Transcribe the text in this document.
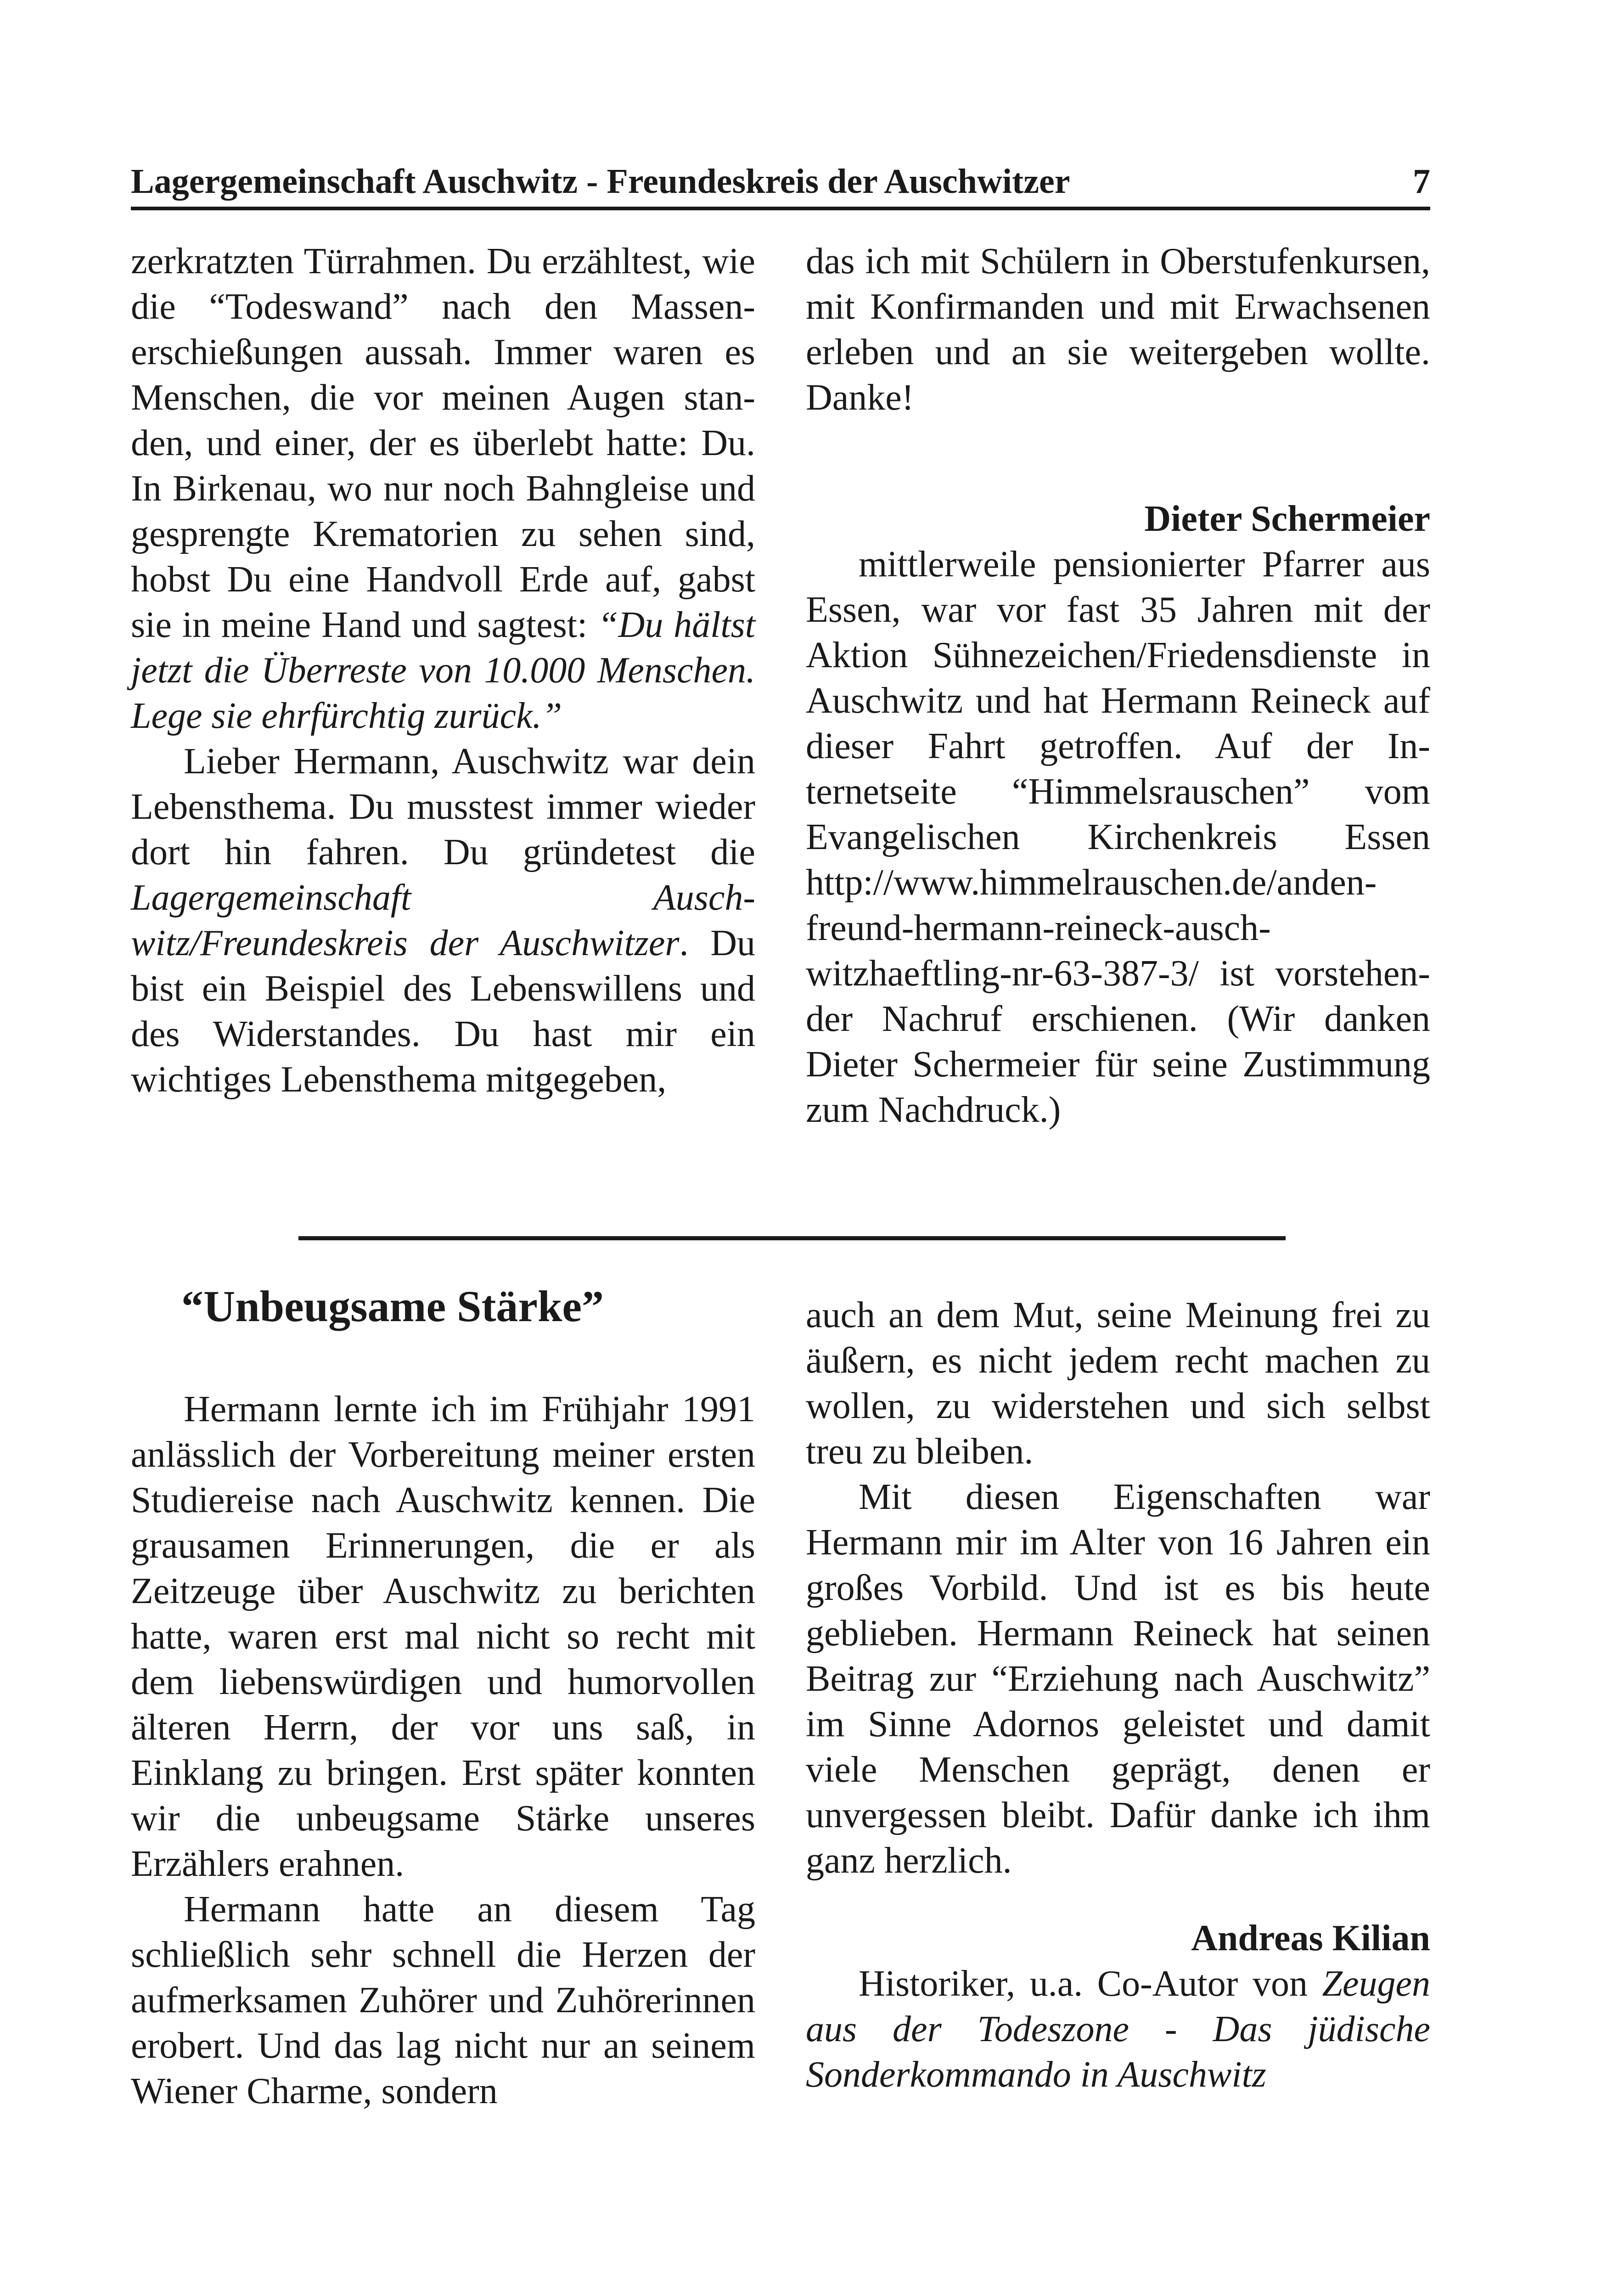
Lagergemeinschaft Auschwitz - Freundeskreis der Auschwitzer	7

zerkratzten Türrahmen. Du erzähltest, wie die “Todeswand” nach den Massenerschießungen aussah. Immer waren es Menschen, die vor meinen Augen standen, und einer, der es überlebt hatte: Du. In Birkenau, wo nur noch Bahngleise und gesprengte Krematorien zu sehen sind, hobst Du eine Handvoll Erde auf, gabst sie in meine Hand und sagtest: “Du hältst jetzt die Überreste von 10.000 Menschen. Lege sie ehrfürchtig zurück.”

Lieber Hermann, Auschwitz war dein Lebensthema. Du musstest immer wieder dort hin fahren. Du gründetest die Lagergemeinschaft Auschwitz/Freundeskreis der Auschwitzer. Du bist ein Beispiel des Lebenswillens und des Widerstandes. Du hast mir ein wichtiges Lebensthema mitgegeben,

das ich mit Schülern in Oberstufenkursen, mit Konfirmanden und mit Erwachsenen erleben und an sie weitergeben wollte. Danke!

Dieter Schermeier

mittlerweile pensionierter Pfarrer aus Essen, war vor fast 35 Jahren mit der Aktion Sühnezeichen/Friedensdienste in Auschwitz und hat Hermann Reineck auf dieser Fahrt getroffen. Auf der Internetseite “Himmelsrauschen” vom Evangelischen Kirchenkreis Essen http://www.himmelrauschen.de/anden-freund-hermann-reineck-auschwitzhaeftling-nr-63-387-3/ ist vorstehender Nachruf erschienen. (Wir danken Dieter Schermeier für seine Zustimmung zum Nachdruck.)

“Unbeugsame Stärke”

Hermann lernte ich im Frühjahr 1991 anlässlich der Vorbereitung meiner ersten Studiereise nach Auschwitz kennen. Die grausamen Erinnerungen, die er als Zeitzeuge über Auschwitz zu berichten hatte, waren erst mal nicht so recht mit dem liebenswürdigen und humorvollen älteren Herrn, der vor uns saß, in Einklang zu bringen. Erst später konnten wir die unbeugsame Stärke unseres Erzählers erahnen.

Hermann hatte an diesem Tag schließlich sehr schnell die Herzen der aufmerksamen Zuhörer und Zuhörerinnen erobert. Und das lag nicht nur an seinem Wiener Charme, sondern

auch an dem Mut, seine Meinung frei zu äußern, es nicht jedem recht machen zu wollen, zu widerstehen und sich selbst treu zu bleiben.

Mit diesen Eigenschaften war Hermann mir im Alter von 16 Jahren ein großes Vorbild. Und ist es bis heute geblieben. Hermann Reineck hat seinen Beitrag zur “Erziehung nach Auschwitz” im Sinne Adornos geleistet und damit viele Menschen geprägt, denen er unvergessen bleibt. Dafür danke ich ihm ganz herzlich.

Andreas Kilian

Historiker, u.a. Co-Autor von Zeugen aus der Todeszone - Das jüdische Sonderkommando in Auschwitz
